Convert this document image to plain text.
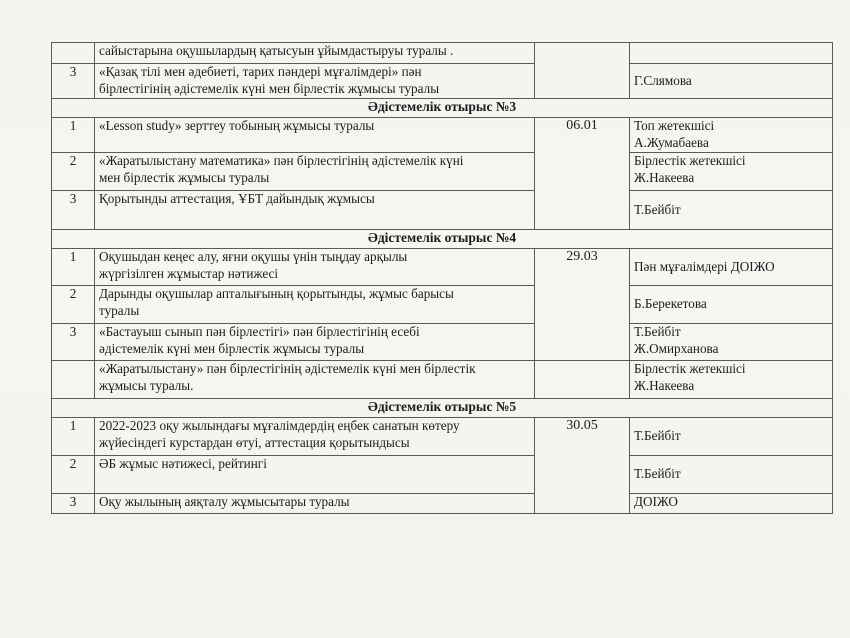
	сайыстарына оқушылардың қатысуын ұйымдастыруы туралы .		

3	«Қазақ тілі мен әдебиеті, тарих пәндері мұғалімдері» пән
бірлестігінің әдістемелік күні мен бірлестік жұмысы туралы		Г.Слямова

Әдістемелік отырыс №3			
1	«Lesson study» зерттеу тобының жұмысы туралы	06.01	Топ жетекшісі
А.Жумабаева

2	«Жаратылыстану математика» пән бірлестігінің әдістемелік күні
мен бірлестік жұмысы туралы		Бірлестік жетекшісі
Ж.Накеева

3	Қорытынды аттестация, ҰБТ дайындық жұмысы		Т.Бейбіт

Әдістемелік отырыс №4			
1	Оқушыдан кеңес алу, яғни оқушы үнін тыңдау арқылы
жүргізілген жұмыстар нәтижесі	29.03	Пән мұғалімдері ДОІЖО

2	Дарынды оқушылар апталығының қорытынды, жұмыс барысы
туралы		Б.Берекетова

3	«Бастауыш сынып пән бірлестігі» пән бірлестігінің есебі
әдістемелік күні мен бірлестік жұмысы туралы		Т.Бейбіт
Ж.Омирханова

	«Жаратылыстану» пән бірлестігінің әдістемелік күні мен бірлестік
жұмысы туралы.		Бірлестік жетекшісі
Ж.Накеева

Әдістемелік отырыс №5			
1	2022-2023 оқу жылындағы мұғалімдердің еңбек санатын көтеру
жүйесіндегі курстардан өтуі, аттестация қорытындысы	30.05	Т.Бейбіт

2	ӘБ жұмыс нәтижесі, рейтингі		Т.Бейбіт

3	Оқу жылының аяқталу жұмысытары туралы		ДОІЖО
